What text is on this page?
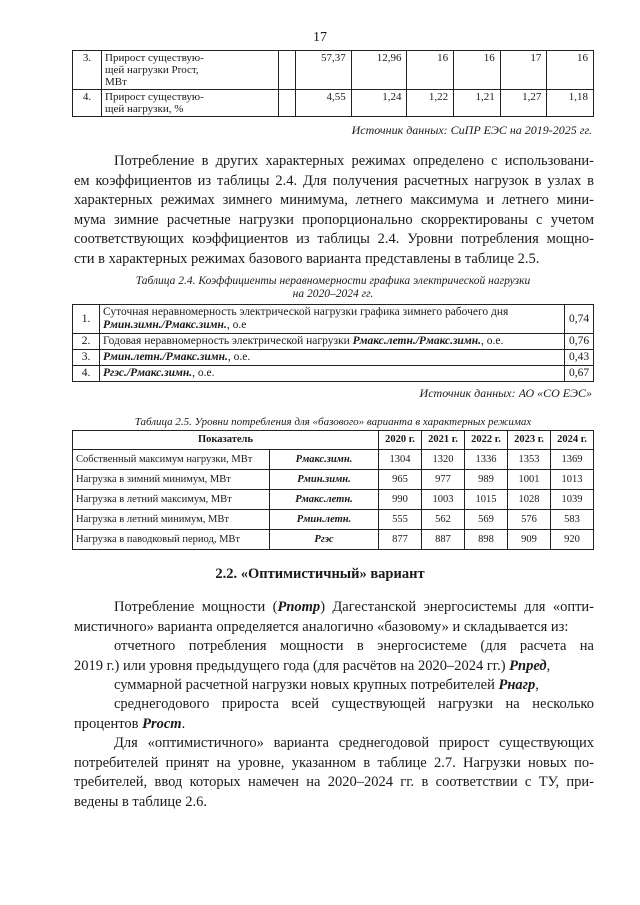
17
3.	Прирост существую-
щей нагрузки Рrост,
МВт		57,37	12,96	16	16	17	16
4.	Прирост существую-
щей нагрузки, %		4,55	1,24	1,22	1,21	1,27	1,18
Источник данных: СиПР ЕЭС на 2019-2025 гг.

Потребление в других характерных режимах определено с использовани-
ем коэффициентов из таблицы 2.4. Для получения расчетных нагрузок в узлах в
характерных режимах зимнего минимума, летнего максимума и летнего мини-
мума зимние расчетные нагрузки пропорционально скорректированы с учетом
соответствующих коэффициентов из таблицы 2.4. Уровни потребления мощно-
сти в характерных режимах базового варианта представлены в таблице 2.5.

Таблица 2.4. Коэффициенты неравномерности графика электрической нагрузки
на 2020–2024 гг.
1.	Суточная неравномерность электрической нагрузки графика зимнего рабочего дня
Рмин.зимн./Рмакс.зимн., о.е	0,74
2.	Годовая неравномерность электрической нагрузки Рмакс.летн./Рмакс.зимн., о.е.	0,76
3.	Рмин.летн./Рмакс.зимн., о.е.	0,43
4.	Ргэс./Рмакс.зимн., о.е.	0,67
Источник данных: АО «СО ЕЭС»
Таблица 2.5. Уровни потребления для «базового» варианта в характерных режимах
Показатель		2020 г.	2021 г.	2022 г.	2023 г.	2024 г.
Собственный максимум нагрузки, МВт	Рмакс.зимн.	1304	1320	1336	1353	1369
Нагрузка в зимний минимум, МВт	Рмин.зимн.	965	977	989	1001	1013
Нагрузка в летний максимум, МВт	Рмакс.летн.	990	1003	1015	1028	1039
Нагрузка в летний минимум, МВт	Рмин.летн.	555	562	569	576	583
Нагрузка в паводковый период, МВт	Ргэс	877	887	898	909	920
2.2. «Оптимистичный» вариант

Потребление мощности (Рпотр) Дагестанской энергосистемы для «опти-
мистичного» варианта определяется аналогично «базовому» и складывается из:

отчетного потребления мощности в энергосистеме (для расчета на
2019 г.) или уровня предыдущего года (для расчётов на 2020–2024 гг.) Рпред,

суммарной расчетной нагрузки новых крупных потребителей Рнагр,

среднегодового прироста всей существующей нагрузки на несколько
процентов Рrост.

Для «оптимистичного» варианта среднегодовой прирост существующих
потребителей принят на уровне, указанном в таблице 2.7. Нагрузки новых по-
требителей, ввод которых намечен на 2020–2024 гг. в соответствии с ТУ, при-
ведены в таблице 2.6.
